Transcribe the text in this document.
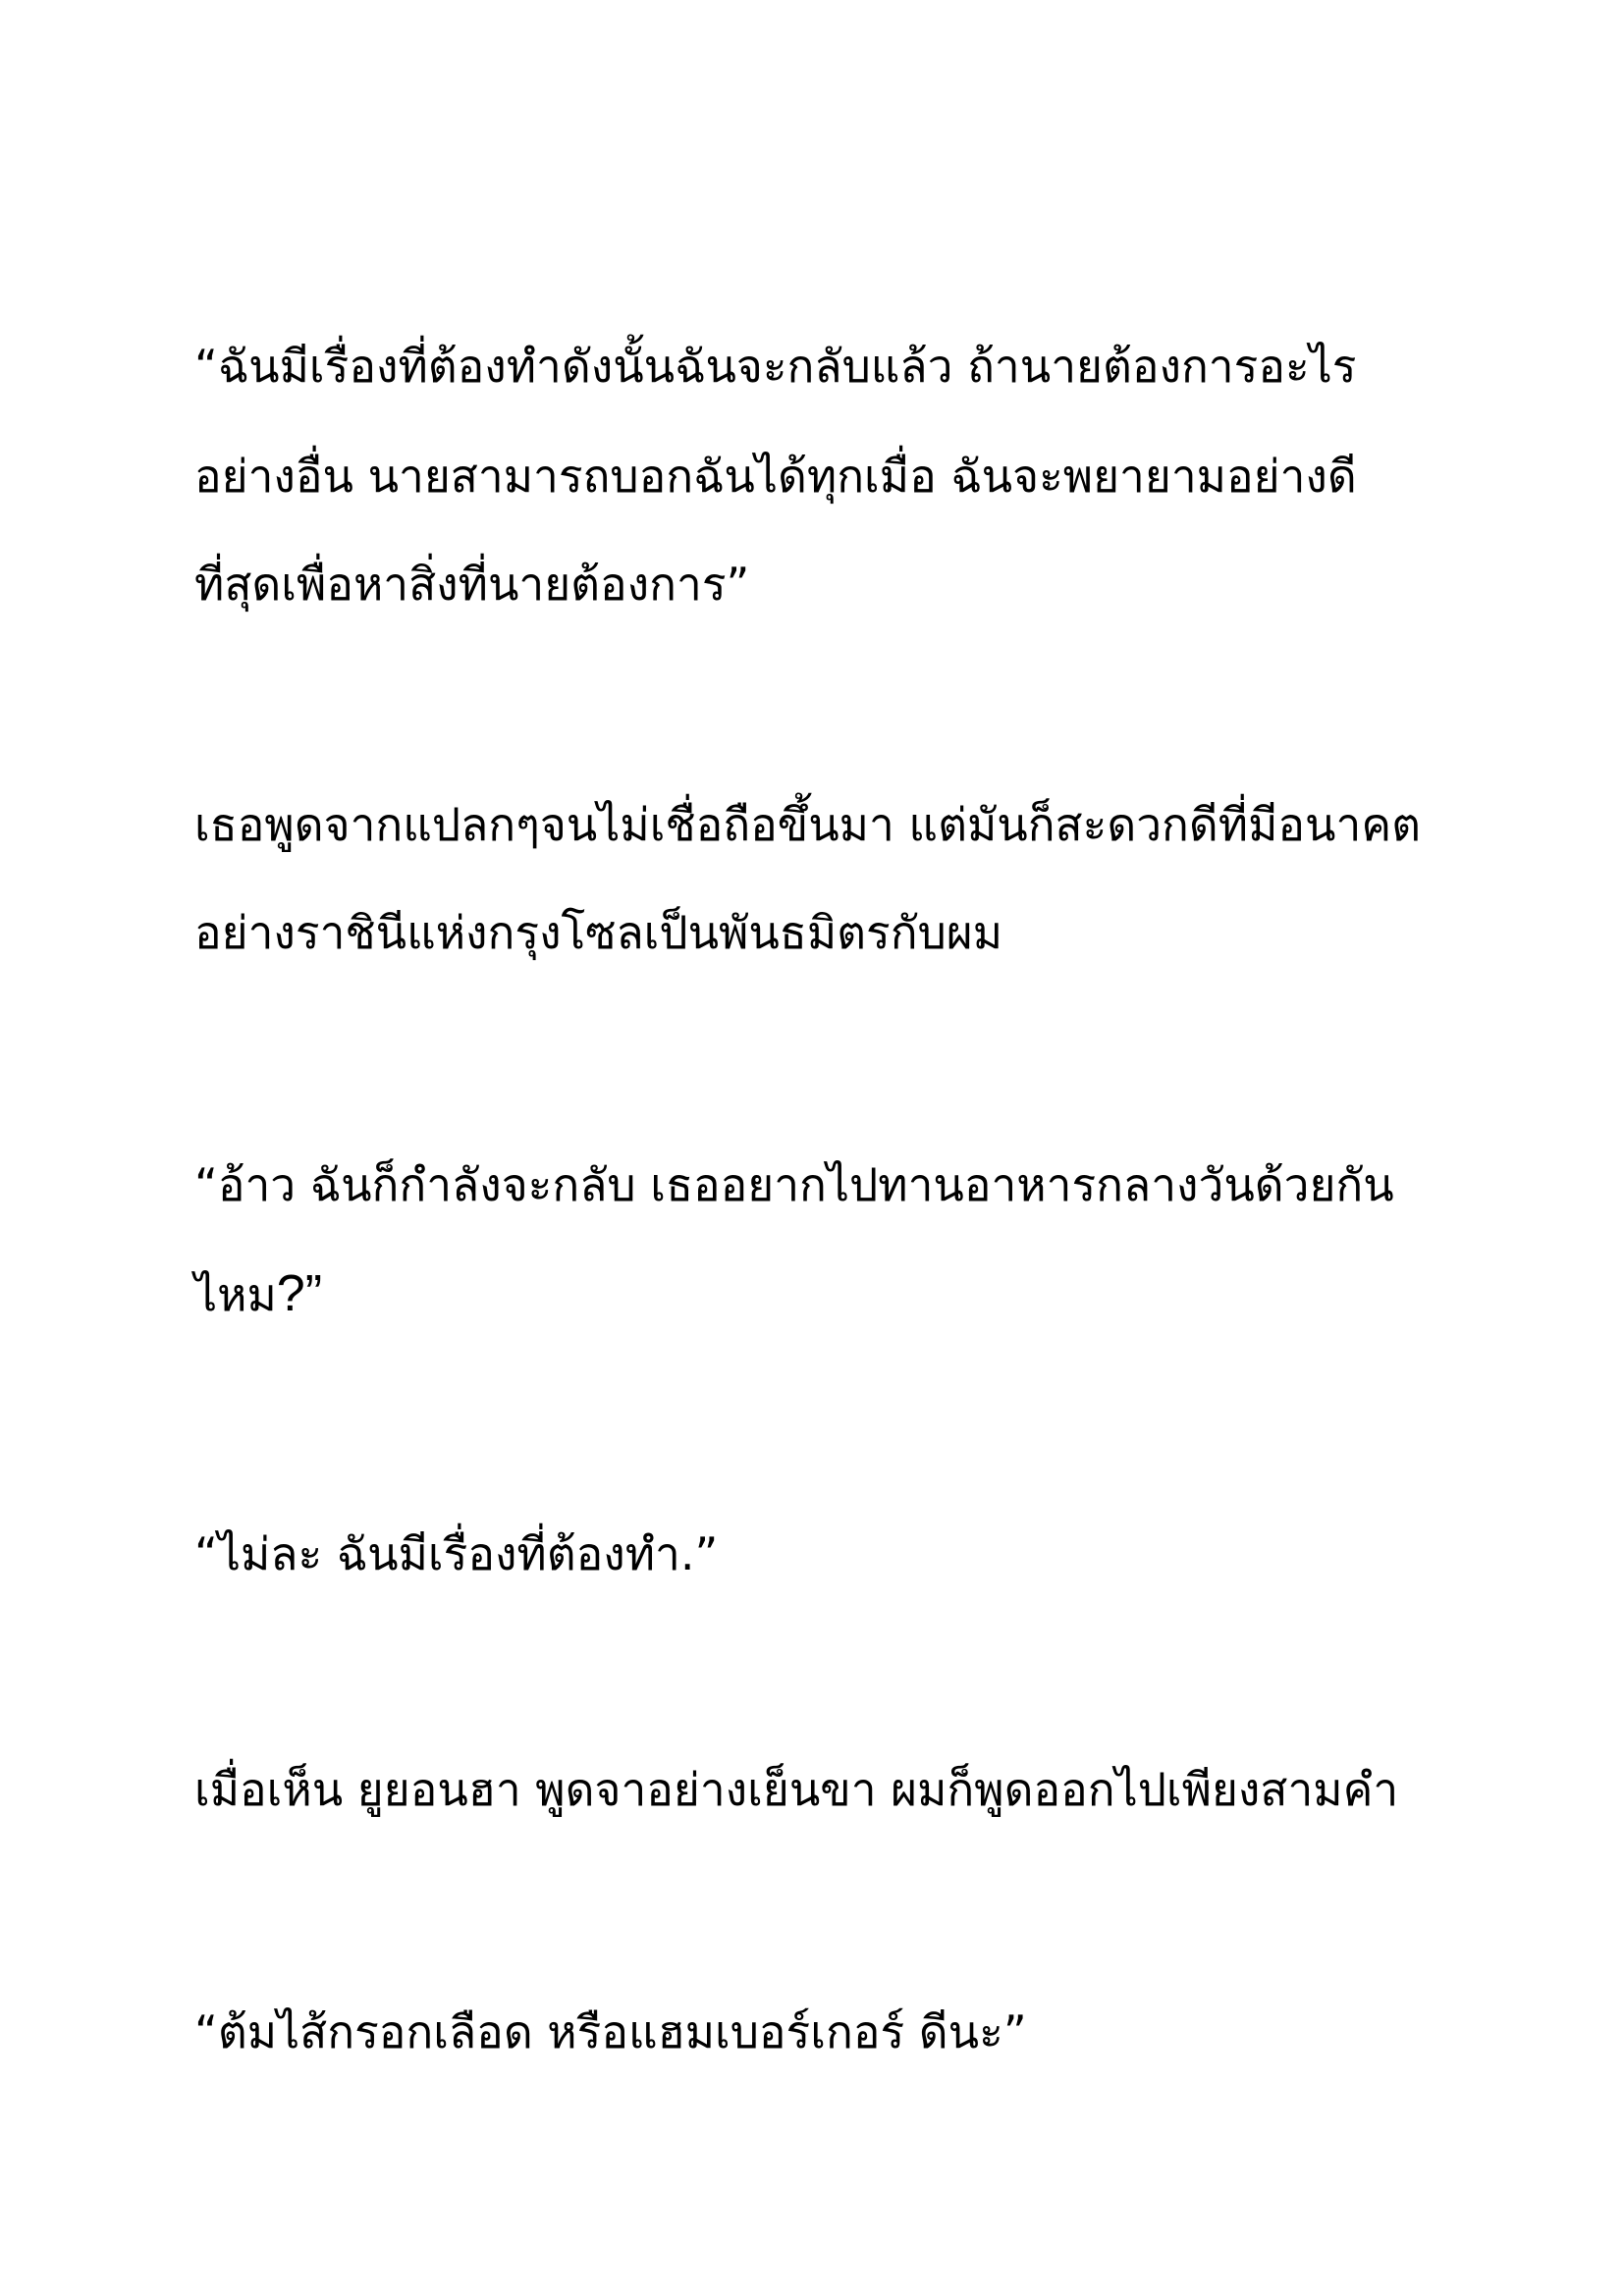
“ฉันมีเรื่องที่ต้องทำดังนั้นฉันจะกลับแล้ว ถ้านายต้องการอะไร
อย่างอื่น นายสามารถบอกฉันได้ทุกเมื่อ ฉันจะพยายามอย่างดี
ที่สุดเพื่อหาสิ่งที่นายต้องการ”
เธอพูดจากแปลกๆจนไม่เชื่อถือขึ้นมา แต่มันก็สะดวกดีที่มีอนาคต
อย่างราชินีแห่งกรุงโซลเป็นพันธมิตรกับผม
“อ้าว ฉันก็กำลังจะกลับ เธออยากไปทานอาหารกลางวันด้วยกัน
ไหม?”
“ไม่ละ ฉันมีเรื่องที่ต้องทำ.”
เมื่อเห็น ยูยอนฮา พูดจาอย่างเย็นขา ผมก็พูดออกไปเพียงสามคำ
“ต้มไส้กรอกเลือด หรือแฮมเบอร์เกอร์ ดีนะ”
